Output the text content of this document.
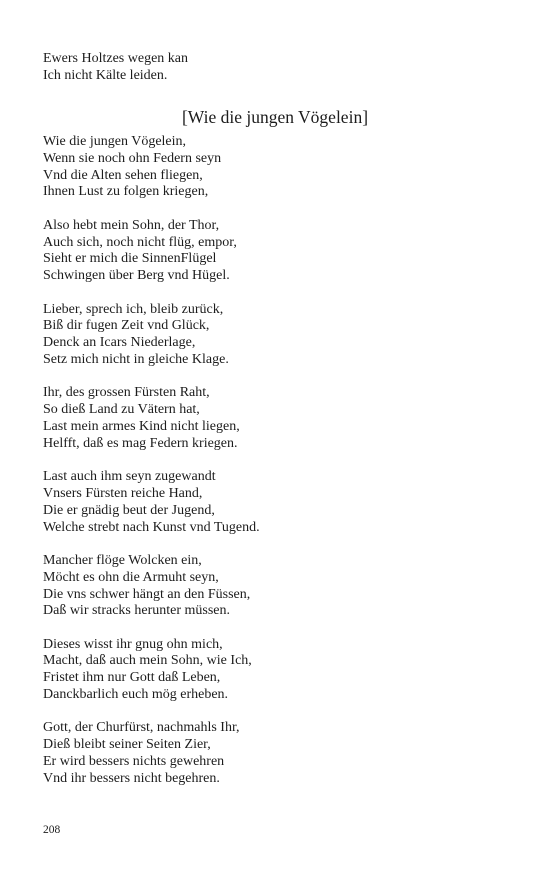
Ewers Holtzes wegen kan
Ich nicht Kälte leiden.
[Wie die jungen Vögelein]
Wie die jungen Vögelein,
Wenn sie noch ohn Federn seyn
Vnd die Alten sehen fliegen,
Ihnen Lust zu folgen kriegen,
Also hebt mein Sohn, der Thor,
Auch sich, noch nicht flüg, empor,
Sieht er mich die SinnenFlügel
Schwingen über Berg vnd Hügel.
Lieber, sprech ich, bleib zurück,
Biß dir fugen Zeit vnd Glück,
Denck an Icars Niederlage,
Setz mich nicht in gleiche Klage.
Ihr, des grossen Fürsten Raht,
So dieß Land zu Vätern hat,
Last mein armes Kind nicht liegen,
Helfft, daß es mag Federn kriegen.
Last auch ihm seyn zugewandt
Vnsers Fürsten reiche Hand,
Die er gnädig beut der Jugend,
Welche strebt nach Kunst vnd Tugend.
Mancher flöge Wolcken ein,
Möcht es ohn die Armuht seyn,
Die vns schwer hängt an den Füssen,
Daß wir stracks herunter müssen.
Dieses wisst ihr gnug ohn mich,
Macht, daß auch mein Sohn, wie Ich,
Fristet ihm nur Gott daß Leben,
Danckbarlich euch mög erheben.
Gott, der Churfürst, nachmahls Ihr,
Dieß bleibt seiner Seiten Zier,
Er wird bessers nichts gewehren
Vnd ihr bessers nicht begehren.
208
